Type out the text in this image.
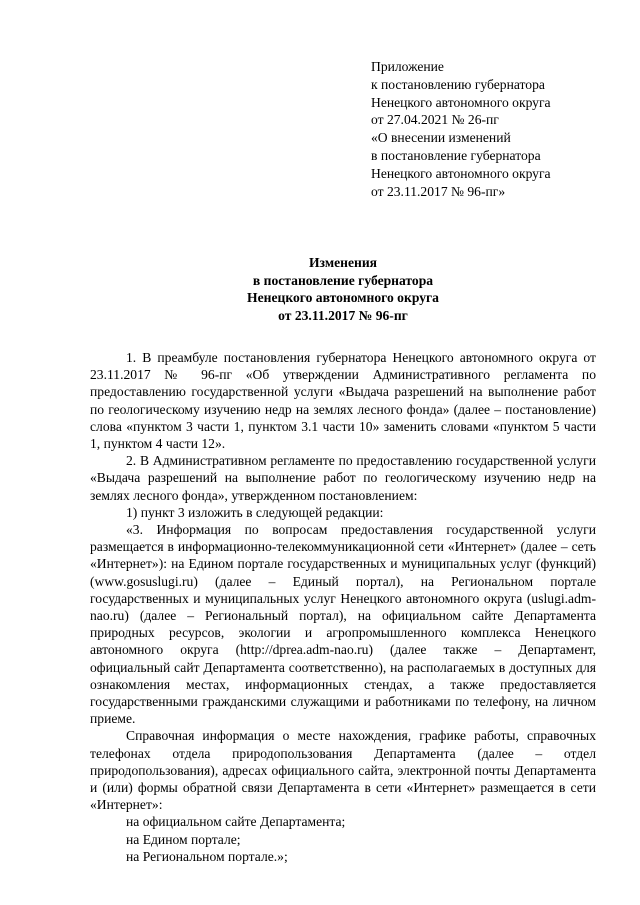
Приложение
к постановлению губернатора
Ненецкого автономного округа
от 27.04.2021 № 26-пг
«О внесении изменений
в постановление губернатора
Ненецкого автономного округа
от 23.11.2017 № 96-пг»
Изменения
в постановление губернатора
Ненецкого автономного округа
от 23.11.2017 № 96-пг

1. В преамбуле постановления губернатора Ненецкого автономного округа от 23.11.2017 № 96-пг «Об утверждении Административного регламента по предоставлению государственной услуги «Выдача разрешений на выполнение работ по геологическому изучению недр на землях лесного фонда» (далее – постановление) слова «пунктом 3 части 1, пунктом 3.1 части 10» заменить словами «пунктом 5 части 1, пунктом 4 части 12».

2. В Административном регламенте по предоставлению государственной услуги «Выдача разрешений на выполнение работ по геологическому изучению недр на землях лесного фонда», утвержденном постановлением:

1) пункт 3 изложить в следующей редакции:

«3. Информация по вопросам предоставления государственной услуги размещается в информационно-телекоммуникационной сети «Интернет» (далее – сеть «Интернет»): на Едином портале государственных и муниципальных услуг (функций) (www.gosuslugi.ru) (далее – Единый портал), на Региональном портале государственных и муниципальных услуг Ненецкого автономного округа (uslugi.adm-nao.ru) (далее – Региональный портал), на официальном сайте Департамента природных ресурсов, экологии и агропромышленного комплекса Ненецкого автономного округа (http://dprea.adm-nao.ru) (далее также – Департамент, официальный сайт Департамента соответственно), на располагаемых в доступных для ознакомления местах, информационных стендах, а также предоставляется государственными гражданскими служащими и работниками по телефону, на личном приеме.

Справочная информация о месте нахождения, графике работы, справочных телефонах отдела природопользования Департамента (далее – отдел природопользования), адресах официального сайта, электронной почты Департамента и (или) формы обратной связи Департамента в сети «Интернет» размещается в сети «Интернет»:

на официальном сайте Департамента;

на Едином портале;

на Региональном портале.»;
